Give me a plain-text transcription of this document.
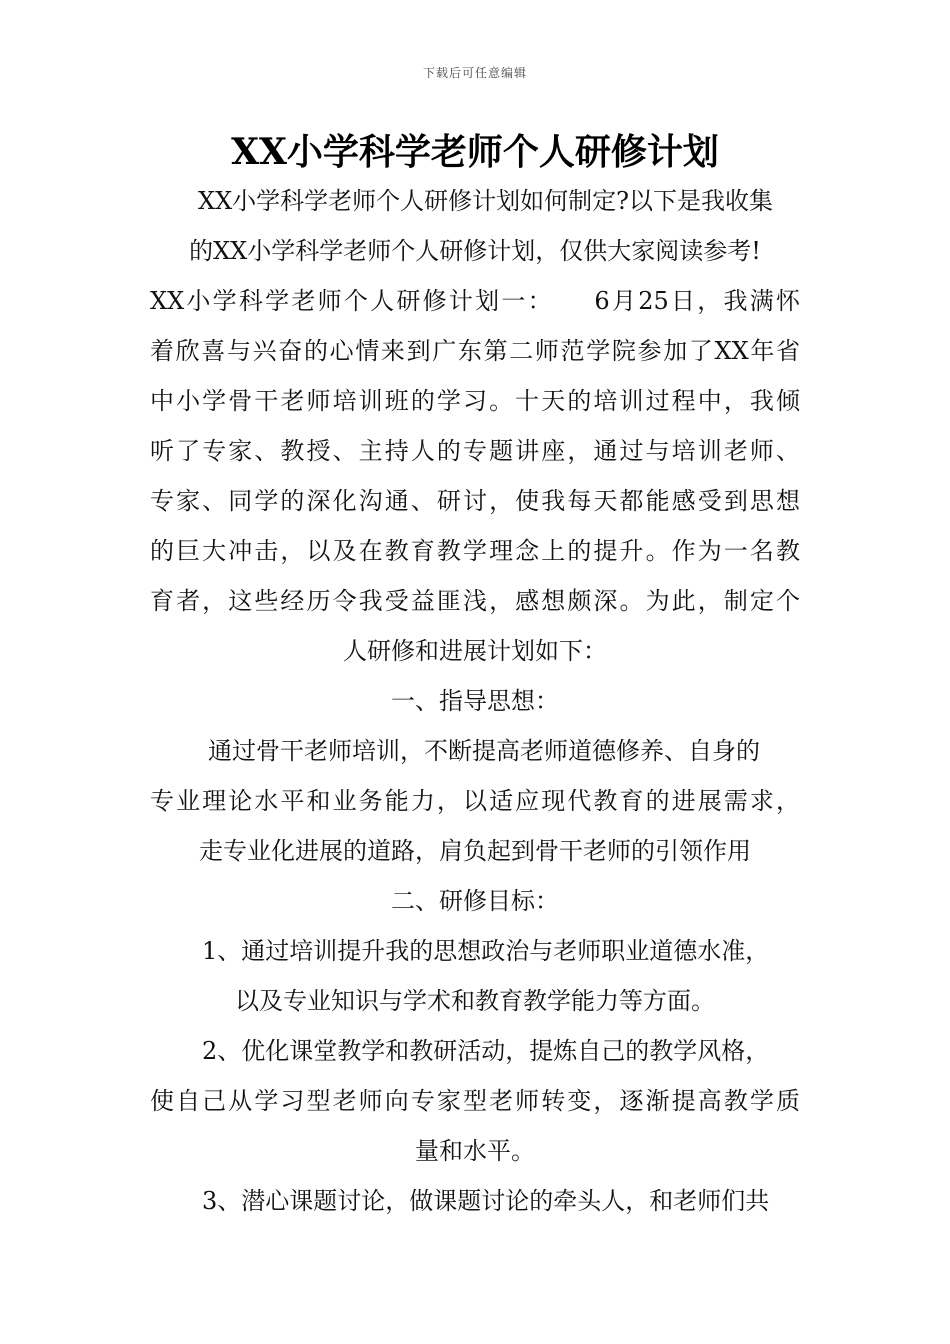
下载后可任意编辑
XX小学科学老师个人研修计划
XX小学科学老师个人研修计划如何制定?以下是我收集
的XX小学科学老师个人研修计划，仅供大家阅读参考!
XX小学科学老师个人研修计划一：　　6月25日，我满怀
着欣喜与兴奋的心情来到广东第二师范学院参加了XX年省
中小学骨干老师培训班的学习。十天的培训过程中，我倾
听了专家、教授、主持人的专题讲座，通过与培训老师、
专家、同学的深化沟通、研讨，使我每天都能感受到思想
的巨大冲击，以及在教育教学理念上的提升。作为一名教
育者，这些经历令我受益匪浅，感想颇深。为此，制定个
人研修和进展计划如下：
一、指导思想：
通过骨干老师培训，不断提高老师道德修养、自身的
专业理论水平和业务能力，以适应现代教育的进展需求，
走专业化进展的道路，肩负起到骨干老师的引领作用
二、研修目标：
1、通过培训提升我的思想政治与老师职业道德水准，
以及专业知识与学术和教育教学能力等方面。
2、优化课堂教学和教研活动，提炼自己的教学风格，
使自己从学习型老师向专家型老师转变，逐渐提高教学质
量和水平。
3、潜心课题讨论，做课题讨论的牵头人，和老师们共
